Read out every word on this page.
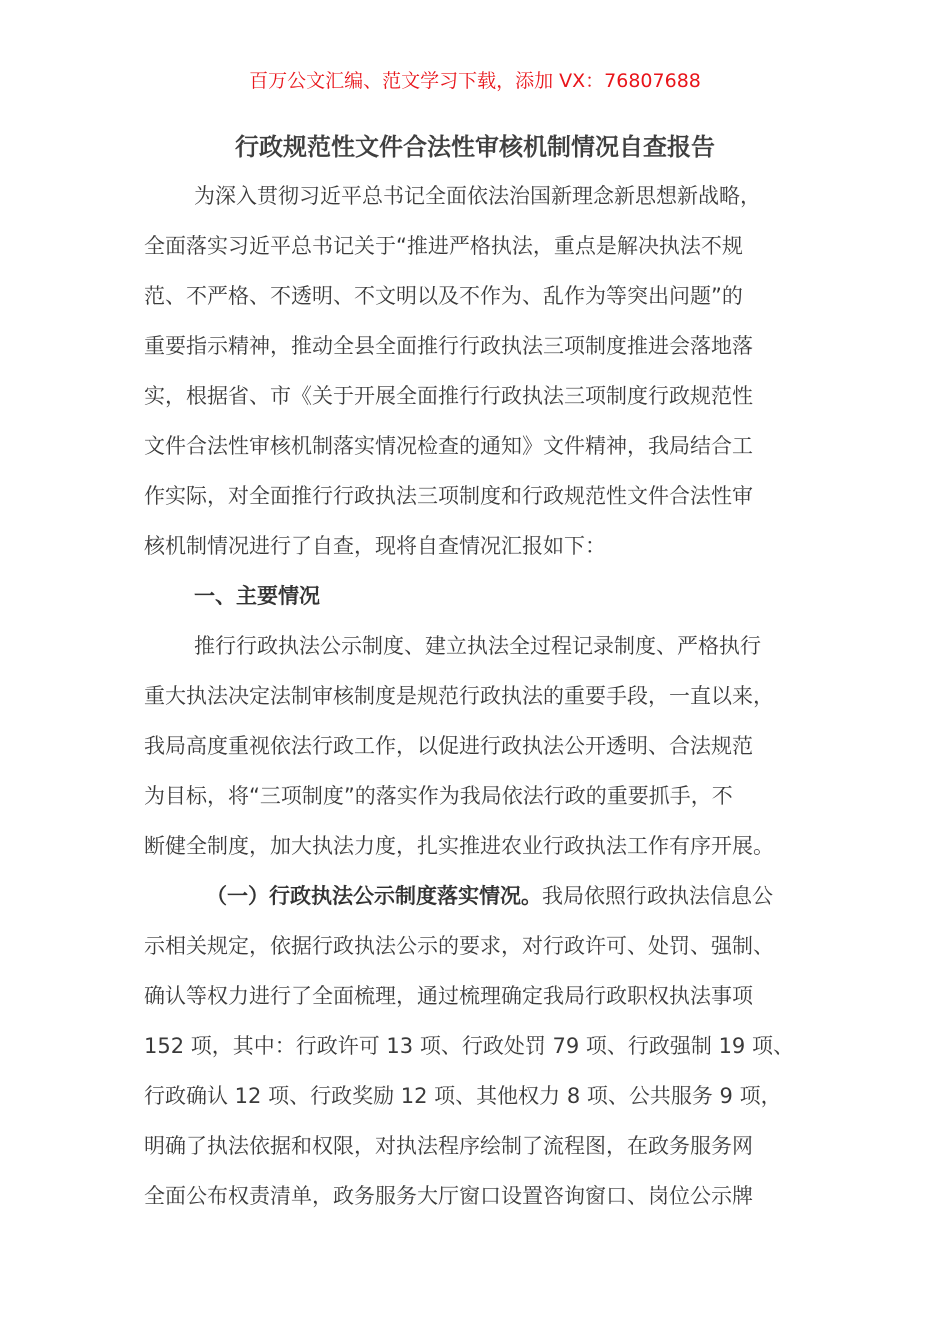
百万公文汇编、范文学习下载，添加 VX：76807688
行政规范性文件合法性审核机制情况自查报告
为深入贯彻习近平总书记全面依法治国新理念新思想新战略，
全面落实习近平总书记关于“推进严格执法，重点是解决执法不规
范、不严格、不透明、不文明以及不作为、乱作为等突出问题”的
重要指示精神，推动全县全面推行行政执法三项制度推进会落地落
实，根据省、市《关于开展全面推行行政执法三项制度行政规范性
文件合法性审核机制落实情况检查的通知》文件精神，我局结合工
作实际，对全面推行行政执法三项制度和行政规范性文件合法性审
核机制情况进行了自查，现将自查情况汇报如下：
一、主要情况
推行行政执法公示制度、建立执法全过程记录制度、严格执行
重大执法决定法制审核制度是规范行政执法的重要手段，一直以来，
我局高度重视依法行政工作，以促进行政执法公开透明、合法规范
为目标，将“三项制度”的落实作为我局依法行政的重要抓手，不
断健全制度，加大执法力度，扎实推进农业行政执法工作有序开展。
（一）行政执法公示制度落实情况。我局依照行政执法信息公
示相关规定，依据行政执法公示的要求，对行政许可、处罚、强制、
确认等权力进行了全面梳理，通过梳理确定我局行政职权执法事项
152 项，其中：行政许可 13 项、行政处罚 79 项、行政强制 19 项、
行政确认 12 项、行政奖励 12 项、其他权力 8 项、公共服务 9 项，
明确了执法依据和权限，对执法程序绘制了流程图，在政务服务网
全面公布权责清单，政务服务大厅窗口设置咨询窗口、岗位公示牌
